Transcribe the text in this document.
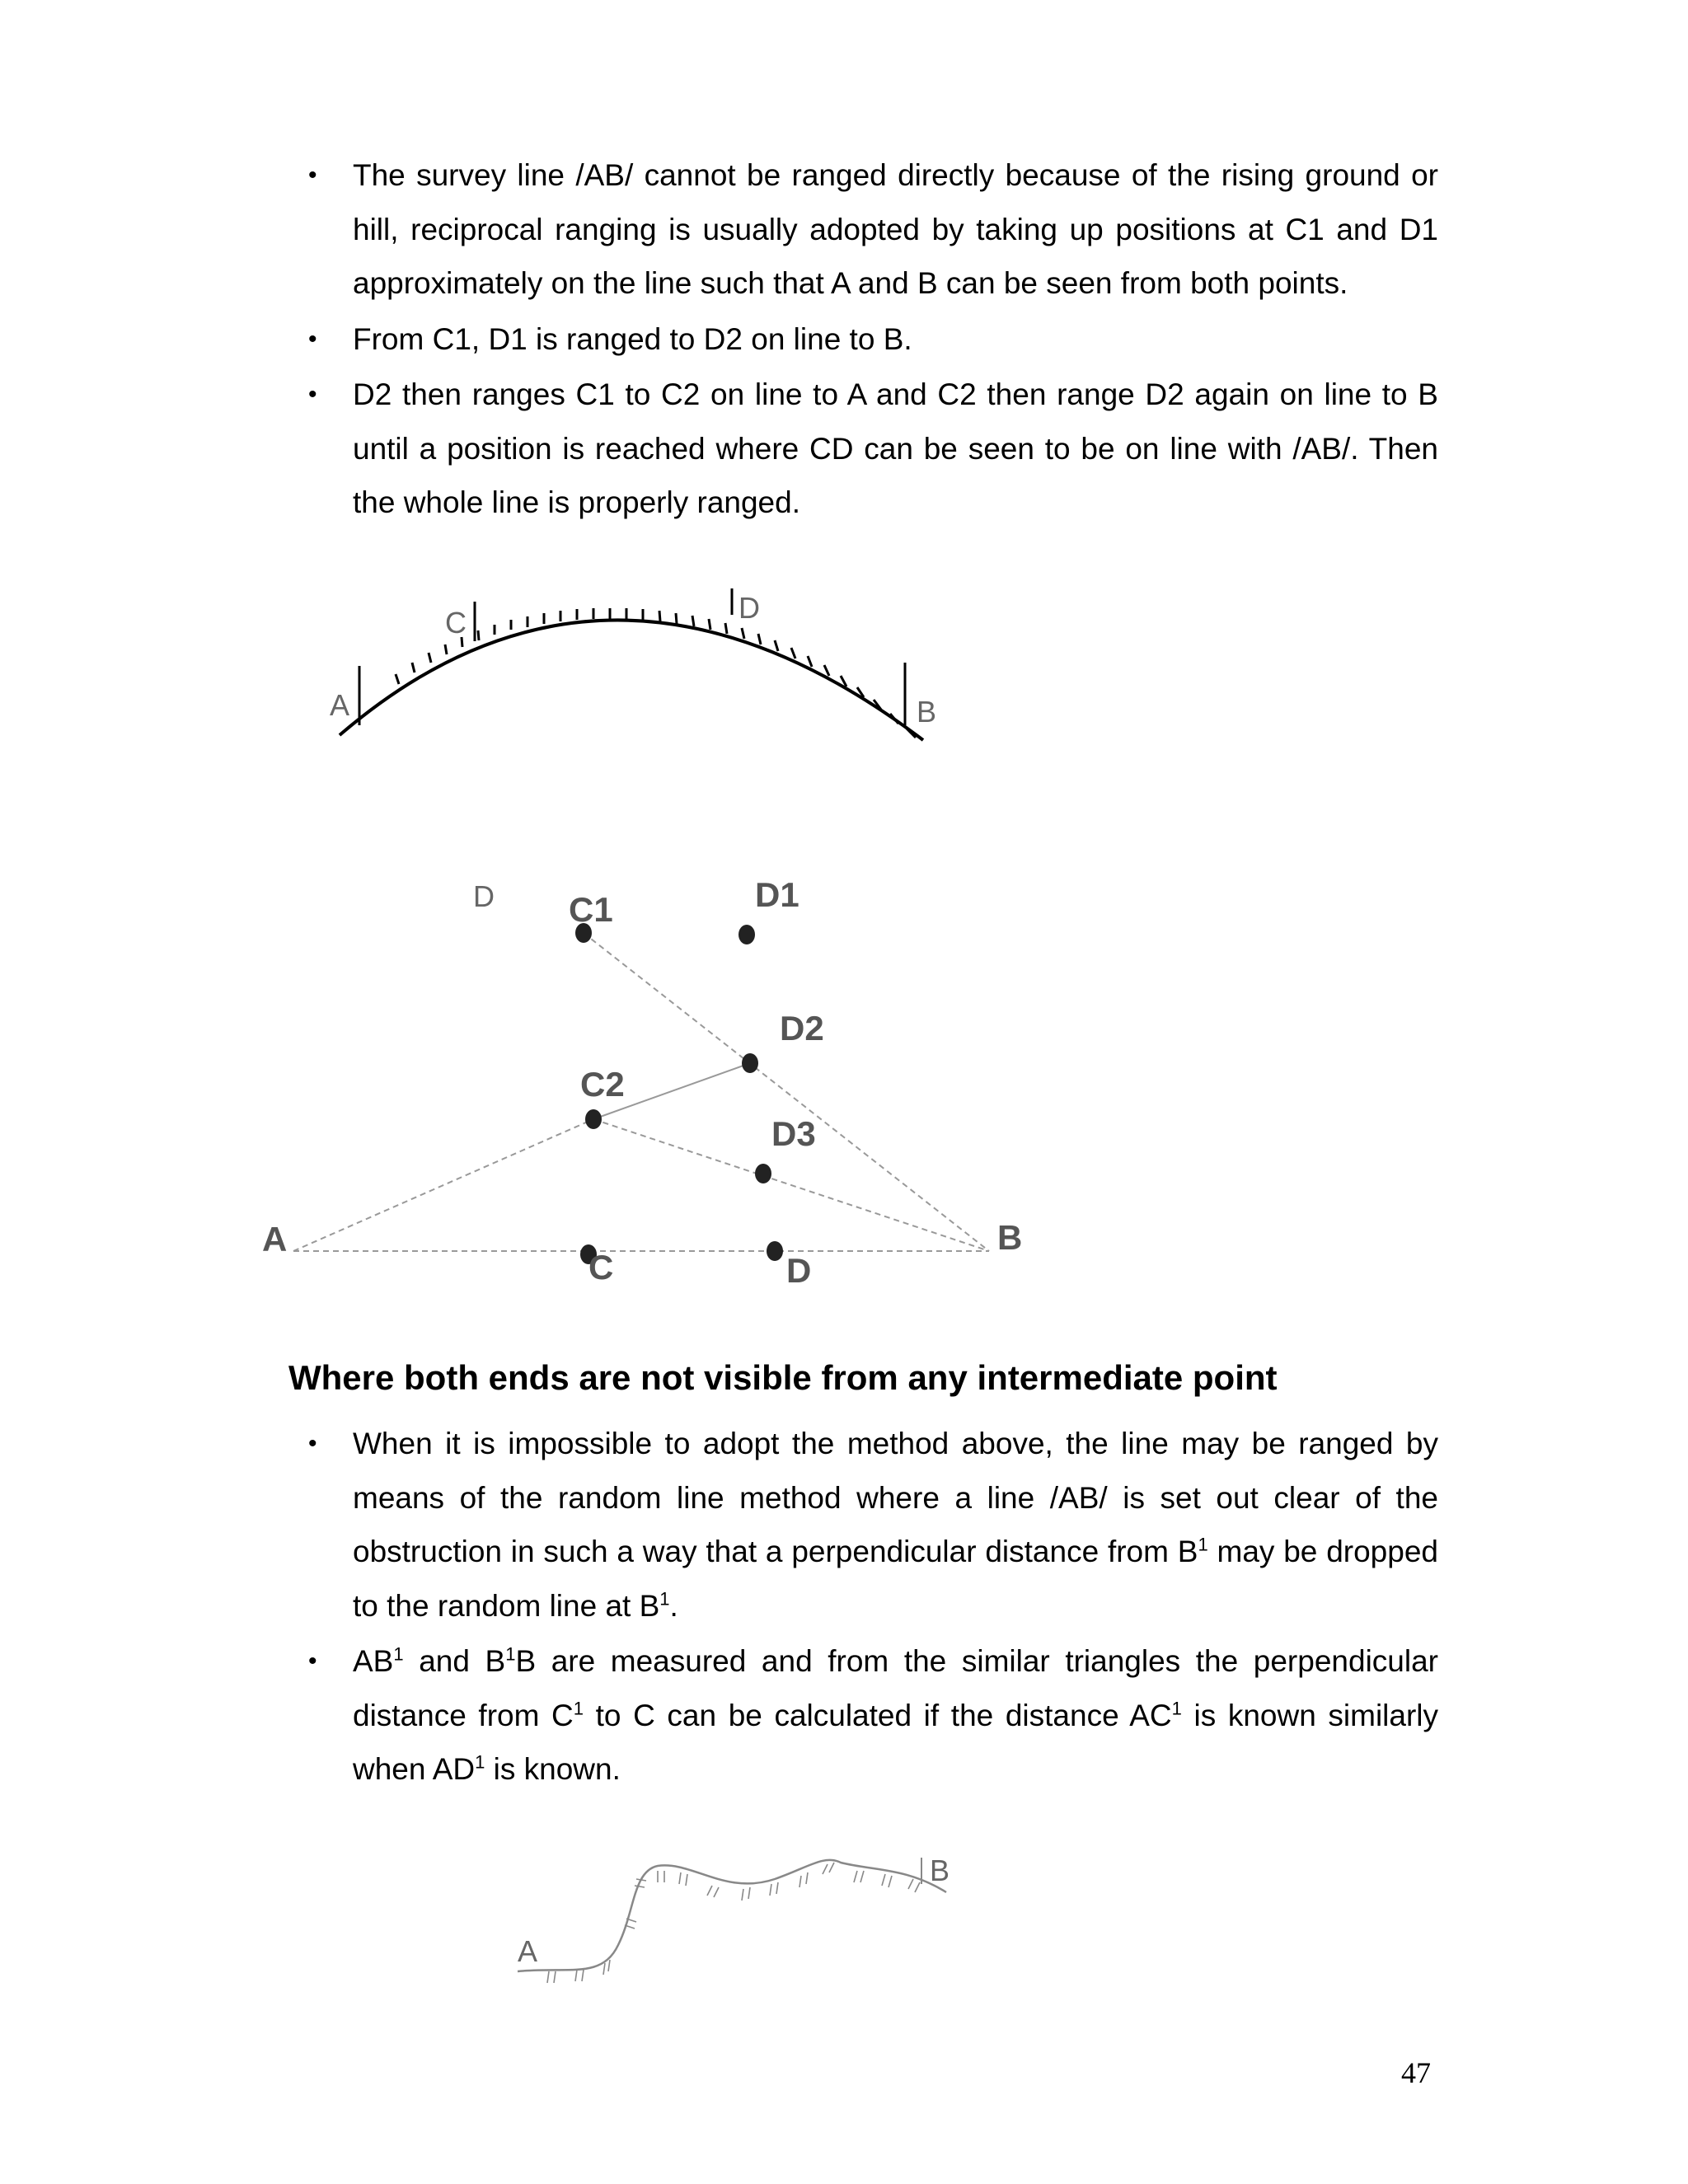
• The survey line /AB/ cannot be ranged directly because of the rising ground or hill, reciprocal ranging is usually adopted by taking up positions at C1 and D1 approximately on the line such that A and B can be seen from both points.
• From C1, D1 is ranged to D2 on line to B.
• D2 then ranges C1 to C2 on line to A and C2 then range D2 again on line to B until a position is reached where CD can be seen to be on line with /AB/. Then the whole line is properly ranged.
A
C	D
B
D C1	D1
D2
C2
D3
A	B
C	D
Where both ends are not visible from any intermediate point
• When it is impossible to adopt the method above, the line may be ranged by means of the random line method where a line /AB/ is set out clear of the obstruction in such a way that a perpendicular distance from $B^1$ may be dropped to the random line at $B^1$.
• $AB^1$ and $B^1B$ are measured and from the similar triangles the perpendicular distance from $C^1$ to C can be calculated if the distance $AC^1$ is known similarly when $AD^1$ is known.
A
B
47
